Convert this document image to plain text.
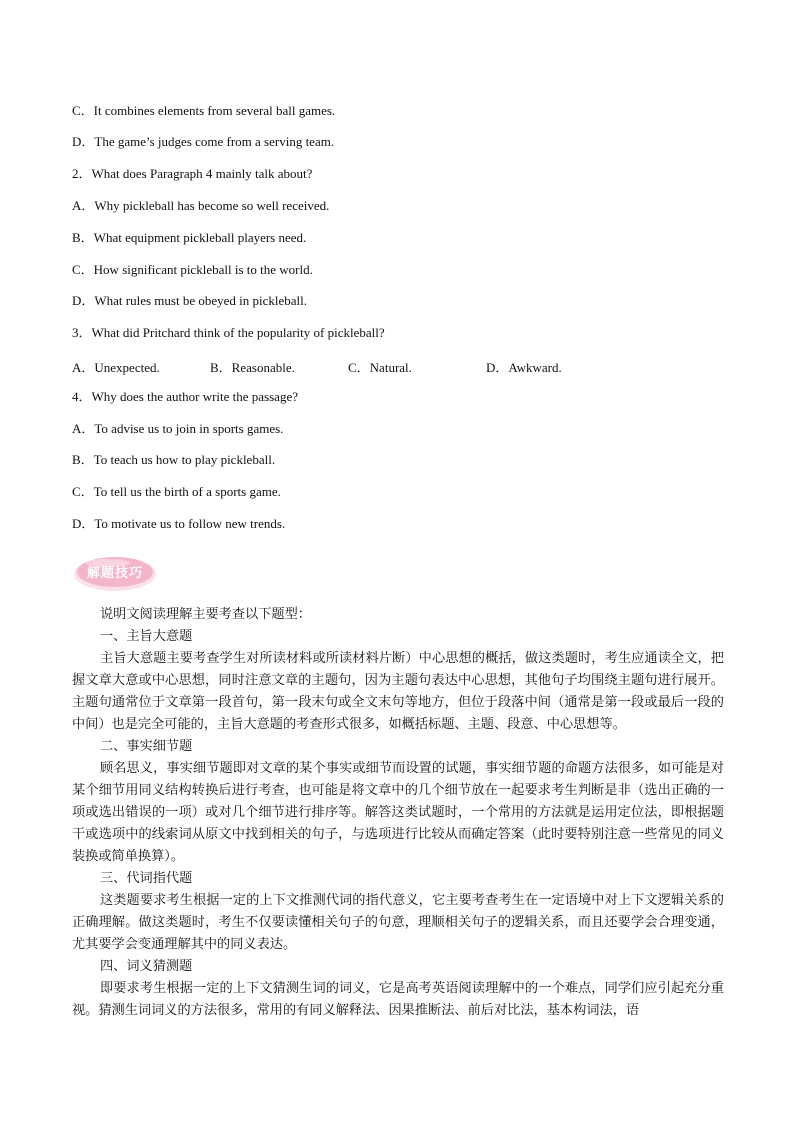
C．It combines elements from several ball games.
D．The game’s judges come from a serving team.
2．What does Paragraph 4 mainly talk about?
A．Why pickleball has become so well received.
B．What equipment pickleball players need.
C．How significant pickleball is to the world.
D．What rules must be obeyed in pickleball.
3．What did Pritchard think of the popularity of pickleball?
A．Unexpected.	B．Reasonable.	C．Natural.	D．Awkward.
4．Why does the author write the passage?
A．To advise us to join in sports games.
B．To teach us how to play pickleball.
C．To tell us the birth of a sports game.
D．To motivate us to follow new trends.
解题技巧

说明文阅读理解主要考查以下题型：

一、主旨大意题

主旨大意题主要考查学生对所读材料或所读材料片断）中心思想的概括，做这类题时，考生应通读全文，把握文章大意或中心思想，同时注意文章的主题句，因为主题句表达中心思想，其他句子均围绕主题句进行展开。主题句通常位于文章第一段首句，第一段末句或全文末句等地方，但位于段落中间（通常是第一段或最后一段的中间）也是完全可能的，主旨大意题的考查形式很多，如概括标题、主题、段意、中心思想等。

二、事实细节题

顾名思义，事实细节题即对文章的某个事实或细节而设置的试题，事实细节题的命题方法很多，如可能是对某个细节用同义结构转换后进行考查，也可能是将文章中的几个细节放在一起要求考生判断是非（选出正确的一项或选出错误的一项）或对几个细节进行排序等。解答这类试题时，一个常用的方法就是运用定位法，即根据题干或选项中的线索词从原文中找到相关的句子，与选项进行比较从而确定答案（此时要特别注意一些常见的同义装换或简单换算）。

三、代词指代题

这类题要求考生根据一定的上下文推测代词的指代意义，它主要考查考生在一定语境中对上下文逻辑关系的正确理解。做这类题时，考生不仅要读懂相关句子的句意，理顺相关句子的逻辑关系，而且还要学会合理变通，尤其要学会变通理解其中的同义表达。

四、词义猜测题

即要求考生根据一定的上下文猜测生词的词义，它是高考英语阅读理解中的一个难点，同学们应引起充分重视。猜测生词词义的方法很多，常用的有同义解释法、因果推断法、前后对比法，基本构词法，语
